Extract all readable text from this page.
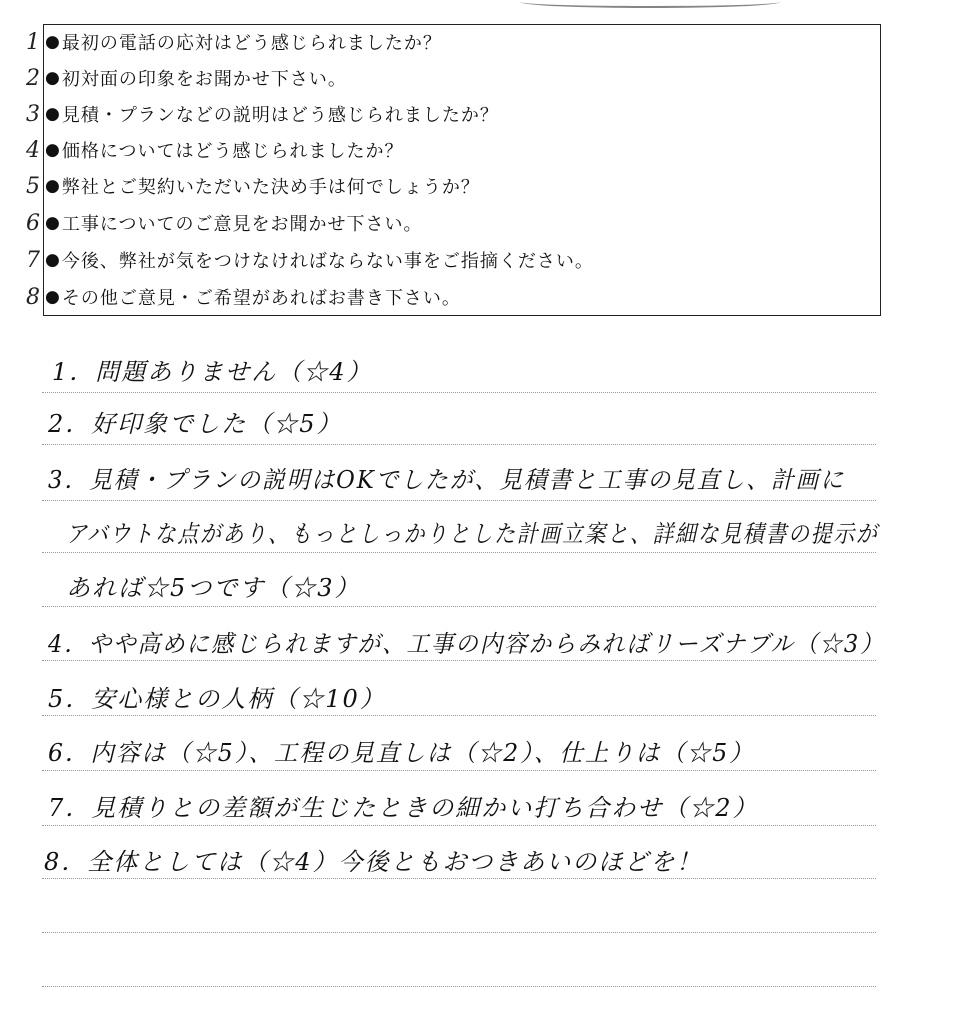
1
2
3
4
5
6
7
8
● 最初の電話の応対はどう感じられましたか？
● 初対面の印象をお聞かせ下さい。
● 見積・プランなどの説明はどう感じられましたか？
● 価格についてはどう感じられましたか？
● 弊社とご契約いただいた決め手は何でしょうか？
● 工事についてのご意見をお聞かせ下さい。
● 今後、弊社が気をつけなければならない事をご指摘ください。
● その他ご意見・ご希望があればお書き下さい。
1．問題ありません（☆4）
2．好印象でした（☆5）
3．見積・プランの説明はOKでしたが、見積書と工事の見直し、計画に
アバウトな点があり、もっとしっかりとした計画立案と、詳細な見積書の提示が
あれば☆5つです（☆3）
4．やや高めに感じられますが、工事の内容からみればリーズナブル（☆3）
5．安心様との人柄（☆10）
6．内容は（☆5）、工程の見直しは（☆2）、仕上りは（☆5）
7．見積りとの差額が生じたときの細かい打ち合わせ（☆2）
8．全体としては（☆4）今後ともおつきあいのほどを！
